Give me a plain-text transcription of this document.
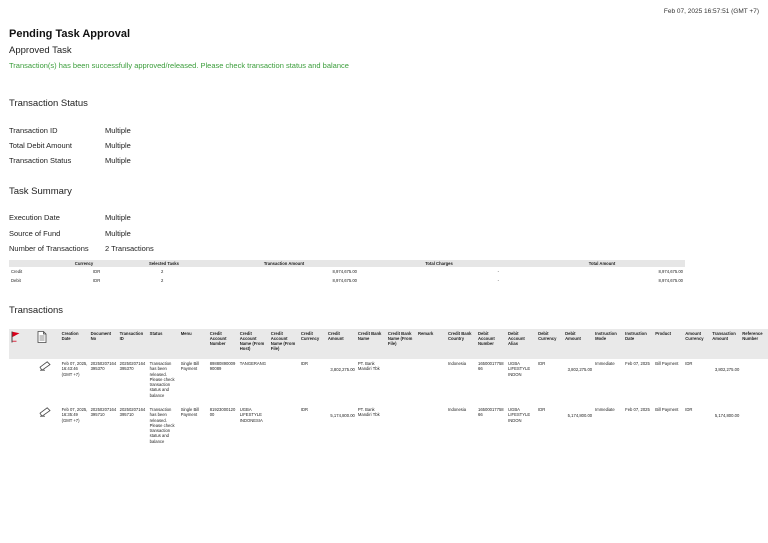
Feb 07, 2025 16:57:51 (GMT +7)
Pending Task Approval
Approved Task
Transaction(s) has been successfully approved/released. Please check transaction status and balance
Transaction Status
Transaction ID	Multiple
Total Debit Amount	Multiple
Transaction Status	Multiple
Task Summary
Execution Date	Multiple
Source of Fund	Multiple
Number of Transactions 2 Transactions
	Currency	Selected Tasks	Transaction Amount	Total Charges	Total Amount
Credit	IDR	2	8,974,675.00	-	8,974,675.00
Debit	IDR	2	8,974,675.00	-	8,974,675.00
Transactions
		Creation Date	Document No	Transaction ID	Status	Menu	Credit Account Number	Credit Account Name (From Host)	Credit Account Name (From File)	Credit Currency	Credit Amount	Credit Bank Name	Credit Bank Name (From File)	Remark	Credit Bank Country	Debit Account Number	Debit Account Alias	Debit Currency	Debit Amount	Instruction Mode	Instruction Date	Product	Amount Currency	Transaction Amount	Reference Number
		Feb 07, 2025, 16:43:46 (GMT +7)	20250207164395370	20250207164395370	Transaction has been released. Please check transaction status and balance	Single Bill Payment	8988089000990089	TANGERANG		IDR	3,802,275.00	PT. Bank Mandiri Tbk			Indonesia	1650001775866	UGBA LIFESTYLE INDON	IDR	3,802,275.00	Immediate	Feb 07, 2025	Bill Payment	IDR	3,802,275.00	
		Feb 07, 2025, 16:35:49 (GMT +7)	20250207164395710	20250207164395710	Transaction has been released. Please check transaction status and balance	Single Bill Payment	8192300012000	UGBA LIFESTYLE INDONESIA		IDR	5,174,800.00	PT. Bank Mandiri Tbk			Indonesia	1650001775866	UGBA LIFESTYLE INDON	IDR	5,174,800.00	Immediate	Feb 07, 2025	Bill Payment	IDR	5,174,800.00	
